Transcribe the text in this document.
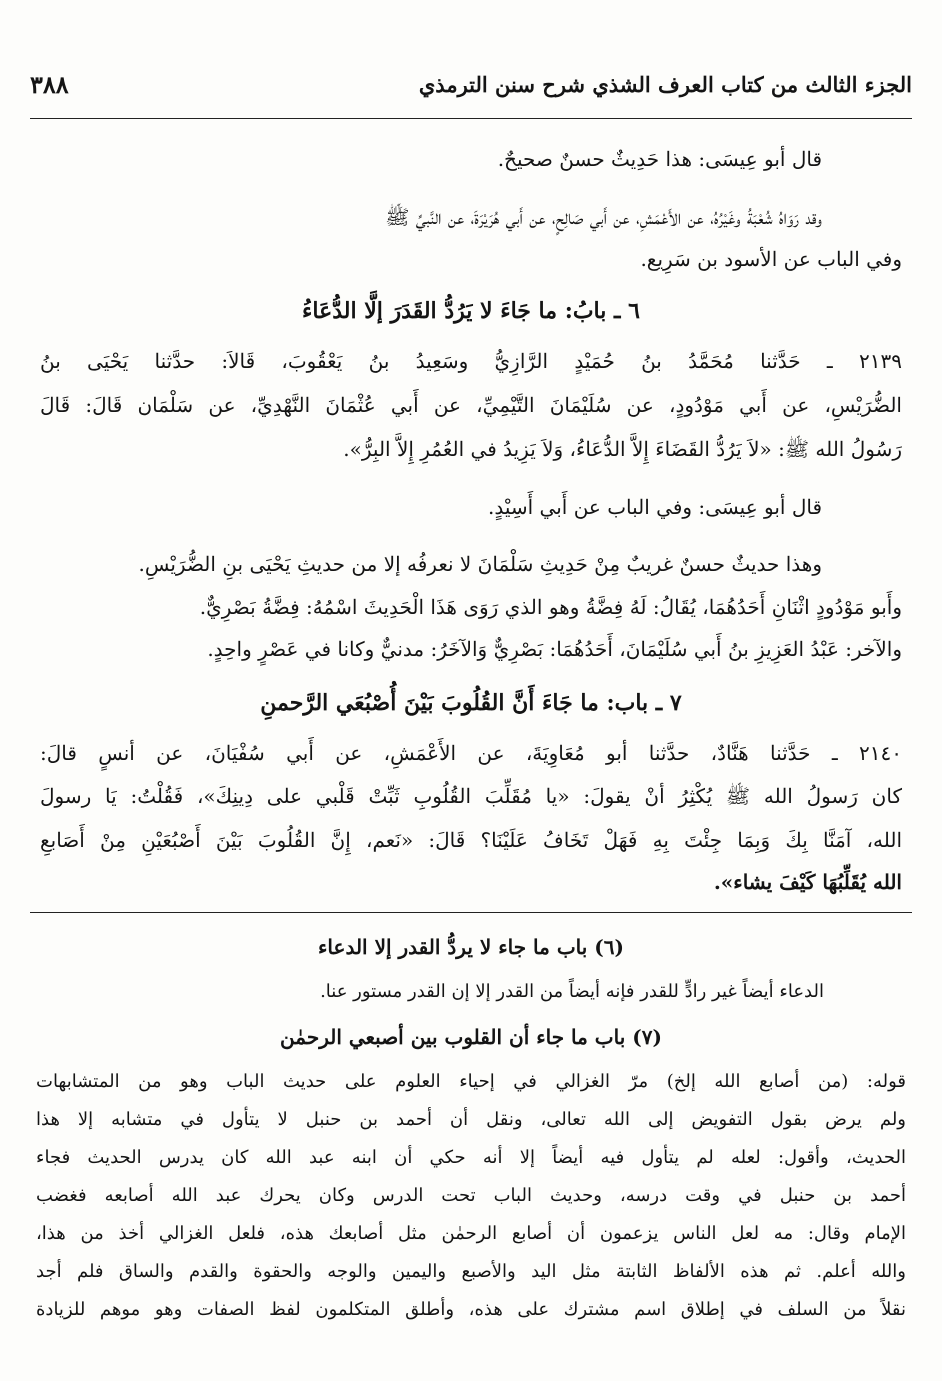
الجزء الثالث من كتاب العرف الشذي شرح سنن الترمذي
٣٨٨
قال أبو عِيسَى: هذا حَدِيثٌ حسنٌ صحيحٌ.
وقد رَوَاهُ شُعْبَةُ وغَيْرُهُ، عن الأَعْمَشِ، عن أَبي صَالِحٍ، عن أَبي هُرَيْرَةَ، عن النَّبيِّ ﷺ
وفي الباب عن الأسود بن سَرِيع.
٦ ـ بابُ: ما جَاءَ لا يَرُدُّ القَدَرَ إلَّا الدُّعَاءُ
٢١٣٩ ـ حَدَّثنا مُحَمَّدُ بنُ حُمَيْدٍ الرَّازِيُّ وسَعِيدُ بنُ يَعْقُوبَ، قَالاَ: حدَّثنا يَحْيَى بنُ
الضُّرَيْسِ، عن أَبي مَوْدُودٍ، عن سُلَيْمَانَ التَّيْمِيِّ، عن أَبي عُثْمَانَ النَّهْدِيِّ، عن سَلْمَان قَالَ: قَالَ
رَسُولُ الله ﷺ: «لاَ يَرُدُّ القَضَاءَ إِلاَّ الدُّعَاءُ، وَلاَ يَزِيدُ في العُمُرِ إِلاَّ البِرُّ».
قال أبو عِيسَى: وفي الباب عن أَبي أَسِيْدٍ.
وهذا حديثٌ حسنٌ غريبٌ مِنْ حَدِيثِ سَلْمَانَ لا نعرفُه إلا من حديثِ يَحْيَى بنِ الضُّرَيْسِ.
وأَبو مَوْدُودٍ اثْنَانِ أَحَدُهُمَا، يُقَالُ: لَهُ فِضَّةُ وهو الذي رَوَى هَذَا الْحَدِيثَ اسْمُهُ: فِضَّةُ بَصْرِيٌّ.
والآخر: عَبْدُ العَزِيزِ بنُ أَبي سُلَيْمَانَ، أَحَدُهُمَا: بَصْرِيٌّ وَالآخَرُ: مدنيٌّ وكانا في عَصْرٍ واحِدٍ.
٧ ـ باب: ما جَاءَ أَنَّ القُلُوبَ بَيْنَ أُصْبُعَي الرَّحمنِ
٢١٤٠ ـ حَدَّثنا هَنَّادٌ، حدَّثنا أبو مُعَاوِيَةَ، عن الأَعْمَشِ، عن أَبي سُفْيَانَ، عن أنسٍ قالَ:
كان رَسولُ الله ﷺ يُكْثِرُ أنْ يقولَ: «يا مُقَلِّبَ القُلُوبِ ثَبِّتْ قَلْبي على دِينِكَ»، فَقُلْتُ: يَا رسولَ
الله، آمَنَّا بِكَ وَبِمَا جِئْتَ بِهِ فَهَلْ تَخَافُ عَلَيْنَا؟ قَالَ: «نَعم، إِنَّ القُلُوبَ بَيْنَ أَصْبُعَيْنِ مِنْ أَصَابعِ
الله يُقَلِّبُهَا كَيْفَ يشاء».
(٦) باب ما جاء لا يردُّ القدر إلا الدعاء
الدعاء أيضاً غير رادٍّ للقدر فإنه أيضاً من القدر إلا إن القدر مستور عنا.
(٧) باب ما جاء أن القلوب بين أصبعي الرحمٰن
قوله: (من أصابع الله إلخ) مرّ الغزالي في إحياء العلوم على حديث الباب وهو من المتشابهات
ولم يرض بقول التفويض إلى الله تعالى، ونقل أن أحمد بن حنبل لا يتأول في متشابه إلا هذا
الحديث، وأقول: لعله لم يتأول فيه أيضاً إلا أنه حكي أن ابنه عبد الله كان يدرس الحديث فجاء
أحمد بن حنبل في وقت درسه، وحديث الباب تحت الدرس وكان يحرك عبد الله أصابعه فغضب
الإمام وقال: مه لعل الناس يزعمون أن أصابع الرحمٰن مثل أصابعك هذه، فلعل الغزالي أخذ من هذا،
والله أعلم. ثم هذه الألفاظ الثابتة مثل اليد والأصبع واليمين والوجه والحقوة والقدم والساق فلم أجد
نقلاً من السلف في إطلاق اسم مشترك على هذه، وأطلق المتكلمون لفظ الصفات وهو موهم للزيادة
